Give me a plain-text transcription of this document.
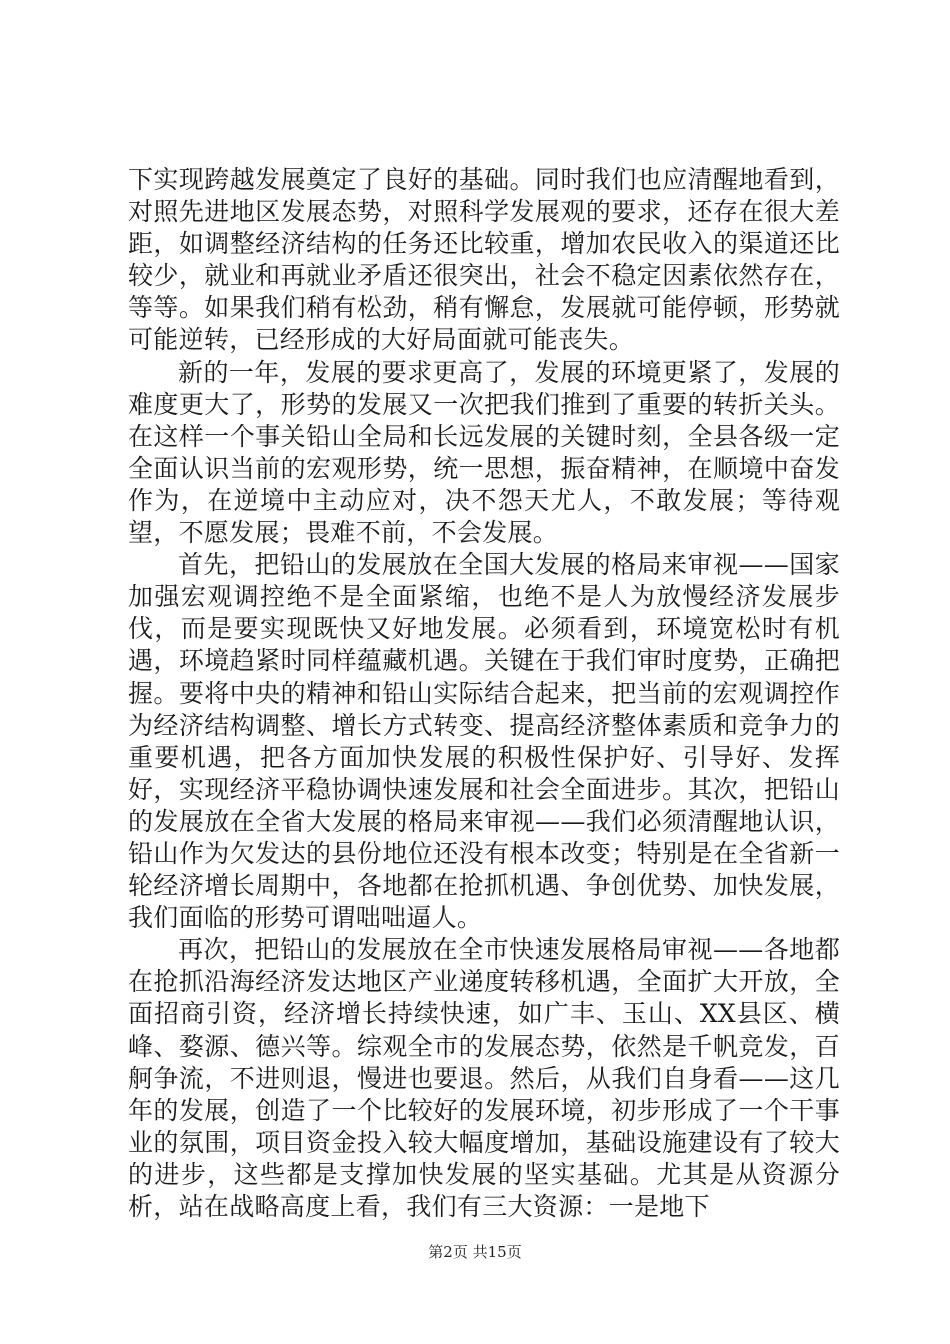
下实现跨越发展奠定了良好的基础。同时我们也应清醒地看到，对照先进地区发展态势，对照科学发展观的要求，还存在很大差距，如调整经济结构的任务还比较重，增加农民收入的渠道还比较少，就业和再就业矛盾还很突出，社会不稳定因素依然存在，等等。如果我们稍有松劲，稍有懈怠，发展就可能停顿，形势就可能逆转，已经形成的大好局面就可能丧失。

新的一年，发展的要求更高了，发展的环境更紧了，发展的难度更大了，形势的发展又一次把我们推到了重要的转折关头。在这样一个事关铅山全局和长远发展的关键时刻，全县各级一定全面认识当前的宏观形势，统一思想，振奋精神，在顺境中奋发作为，在逆境中主动应对，决不怨天尤人，不敢发展；等待观望，不愿发展；畏难不前，不会发展。

首先，把铅山的发展放在全国大发展的格局来审视——国家加强宏观调控绝不是全面紧缩，也绝不是人为放慢经济发展步伐，而是要实现既快又好地发展。必须看到，环境宽松时有机遇，环境趋紧时同样蕴藏机遇。关键在于我们审时度势，正确把握。要将中央的精神和铅山实际结合起来，把当前的宏观调控作为经济结构调整、增长方式转变、提高经济整体素质和竞争力的重要机遇，把各方面加快发展的积极性保护好、引导好、发挥好，实现经济平稳协调快速发展和社会全面进步。其次，把铅山的发展放在全省大发展的格局来审视——我们必须清醒地认识，铅山作为欠发达的县份地位还没有根本改变；特别是在全省新一轮经济增长周期中，各地都在抢抓机遇、争创优势、加快发展，我们面临的形势可谓咄咄逼人。

再次，把铅山的发展放在全市快速发展格局审视——各地都在抢抓沿海经济发达地区产业递度转移机遇，全面扩大开放，全面招商引资，经济增长持续快速，如广丰、玉山、XX县区、横峰、婺源、德兴等。综观全市的发展态势，依然是千帆竞发，百舸争流，不进则退，慢进也要退。然后，从我们自身看——这几年的发展，创造了一个比较好的发展环境，初步形成了一个干事业的氛围，项目资金投入较大幅度增加，基础设施建设有了较大的进步，这些都是支撑加快发展的坚实基础。尤其是从资源分析，站在战略高度上看，我们有三大资源：一是地下

第2页 共15页
